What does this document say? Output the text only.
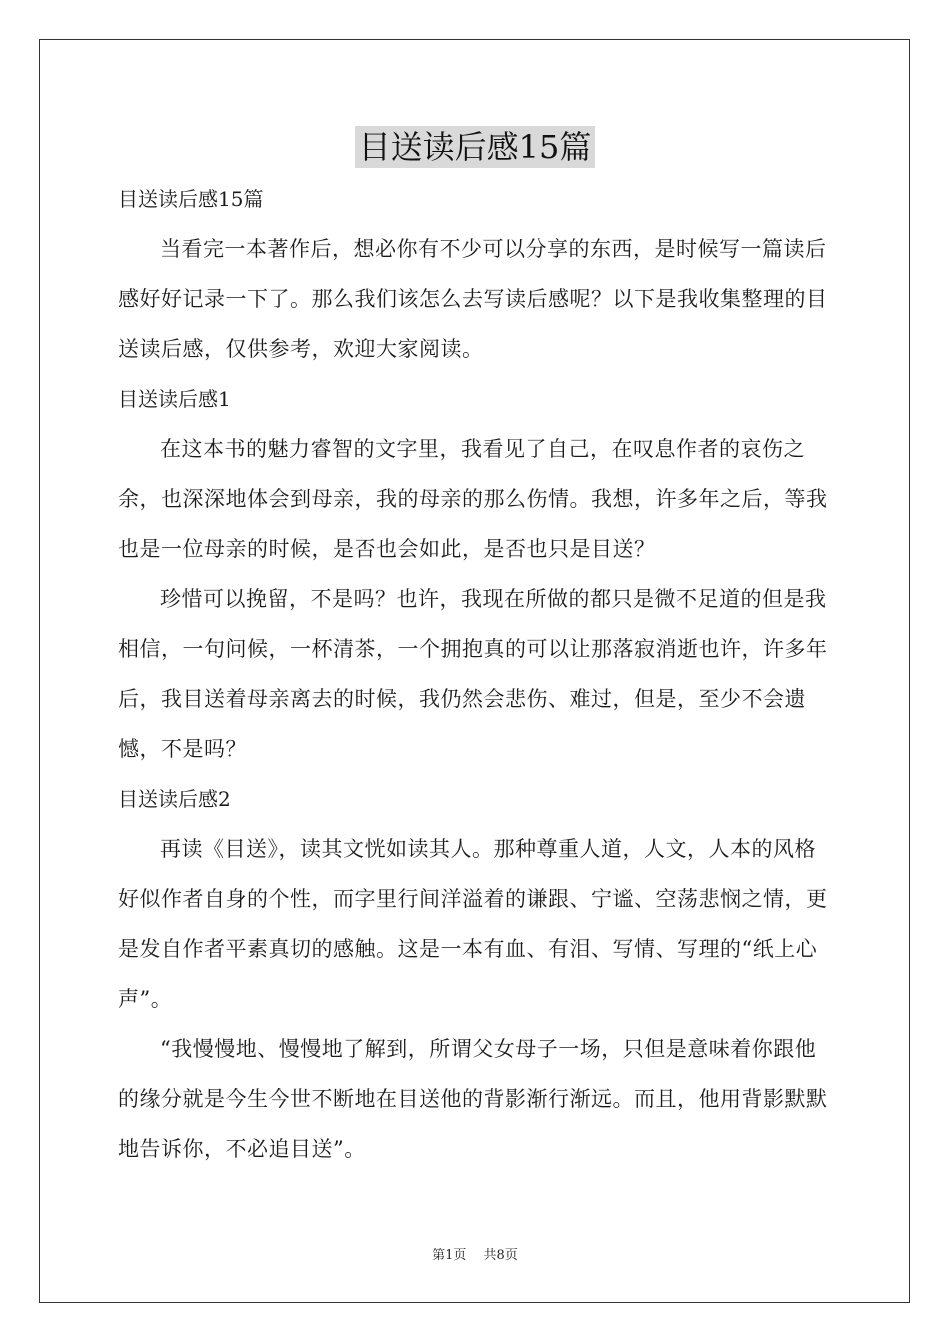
目送读后感15篇

目送读后感15篇

当看完一本著作后，想必你有不少可以分享的东西，是时候写一篇读后感好好记录一下了。那么我们该怎么去写读后感呢？以下是我收集整理的目送读后感，仅供参考，欢迎大家阅读。

目送读后感1

在这本书的魅力睿智的文字里，我看见了自己，在叹息作者的哀伤之余，也深深地体会到母亲，我的母亲的那么伤情。我想，许多年之后，等我也是一位母亲的时候，是否也会如此，是否也只是目送？

珍惜可以挽留，不是吗？也许，我现在所做的都只是微不足道的但是我相信，一句问候，一杯清茶，一个拥抱真的可以让那落寂消逝也许，许多年后，我目送着母亲离去的时候，我仍然会悲伤、难过，但是，至少不会遗憾，不是吗？

目送读后感2

再读《目送》，读其文恍如读其人。那种尊重人道，人文，人本的风格好似作者自身的个性，而字里行间洋溢着的谦跟、宁谧、空荡悲悯之情，更是发自作者平素真切的感触。这是一本有血、有泪、写情、写理的“纸上心声”。

“我慢慢地、慢慢地了解到，所谓父女母子一场，只但是意味着你跟他的缘分就是今生今世不断地在目送他的背影渐行渐远。而且，他用背影默默地告诉你，不必追目送”。

第1页　 共8页
